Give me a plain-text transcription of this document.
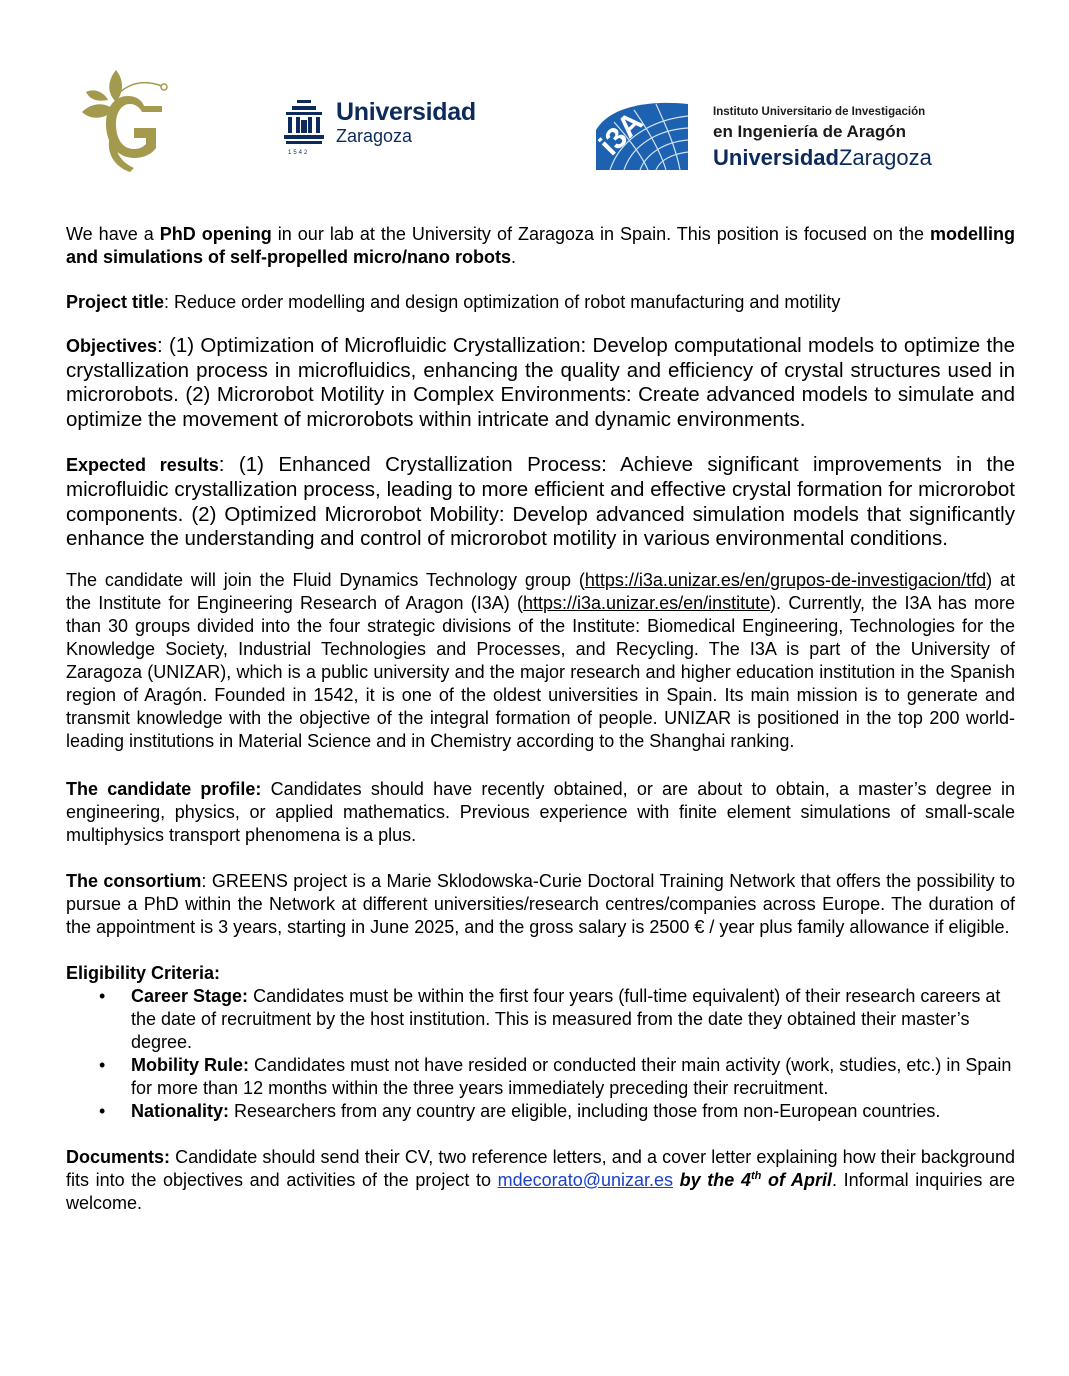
Universidad
Zaragoza
1542	i3A	Instituto Universitario de Investigación
en Ingeniería de Aragón
UniversidadZaragoza

We have a PhD opening in our lab at the University of Zaragoza in Spain. This position is focused on the modelling and simulations of self-propelled micro/nano robots.

Project title: Reduce order modelling and design optimization of robot manufacturing and motility

Objectives: (1) Optimization of Microfluidic Crystallization: Develop computational models to optimize the crystallization process in microfluidics, enhancing the quality and efficiency of crystal structures used in microrobots. (2) Microrobot Motility in Complex Environments: Create advanced models to simulate and optimize the movement of microrobots within intricate and dynamic environments.

Expected results: (1) Enhanced Crystallization Process: Achieve significant improvements in the microfluidic crystallization process, leading to more efficient and effective crystal formation for microrobot components. (2) Optimized Microrobot Mobility: Develop advanced simulation models that significantly enhance the understanding and control of microrobot motility in various environmental conditions.

The candidate will join the Fluid Dynamics Technology group (https://i3a.unizar.es/en/grupos-de-investigacion/tfd) at the Institute for Engineering Research of Aragon (I3A) (https://i3a.unizar.es/en/institute). Currently, the I3A has more than 30 groups divided into the four strategic divisions of the Institute: Biomedical Engineering, Technologies for the Knowledge Society, Industrial Technologies and Processes, and Recycling. The I3A is part of the University of Zaragoza (UNIZAR), which is a public university and the major research and higher education institution in the Spanish region of Aragón. Founded in 1542, it is one of the oldest universities in Spain. Its main mission is to generate and transmit knowledge with the objective of the integral formation of people. UNIZAR is positioned in the top 200 world-leading institutions in Material Science and in Chemistry according to the Shanghai ranking.

The candidate profile: Candidates should have recently obtained, or are about to obtain, a master’s degree in engineering, physics, or applied mathematics. Previous experience with finite element simulations of small-scale multiphysics transport phenomena is a plus.

The consortium: GREENS project is a Marie Sklodowska-Curie Doctoral Training Network that offers the possibility to pursue a PhD within the Network at different universities/research centres/companies across Europe. The duration of the appointment is 3 years, starting in June 2025, and the gross salary is 2500 € / year plus family allowance if eligible.

Eligibility Criteria:

• Career Stage: Candidates must be within the first four years (full-time equivalent) of their research careers at the date of recruitment by the host institution. This is measured from the date they obtained their master’s degree.
• Mobility Rule: Candidates must not have resided or conducted their main activity (work, studies, etc.) in Spain for more than 12 months within the three years immediately preceding their recruitment.
• Nationality: Researchers from any country are eligible, including those from non-European countries.

Documents: Candidate should send their CV, two reference letters, and a cover letter explaining how their background fits into the objectives and activities of the project to mdecorato@unizar.es by the 4th of April. Informal inquiries are welcome.
